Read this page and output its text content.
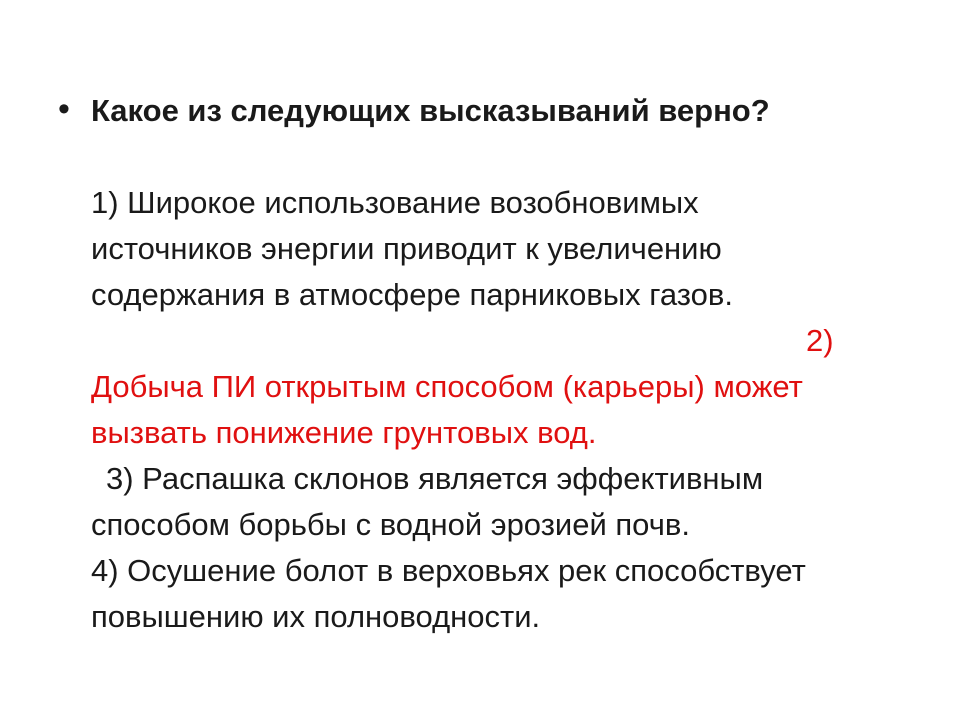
• Какое из следующих высказываний верно?
1) Широкое использование возобновимых
источников энергии приводит к увеличению
содержания в атмосфере парниковых газов.
2)
Добыча ПИ открытым способом (карьеры) может
вызвать понижение грунтовых вод.
3) Распашка склонов является эффективным
способом борьбы с водной эрозией почв.
4) Осушение болот в верховьях рек способствует
повышению их полноводности.
